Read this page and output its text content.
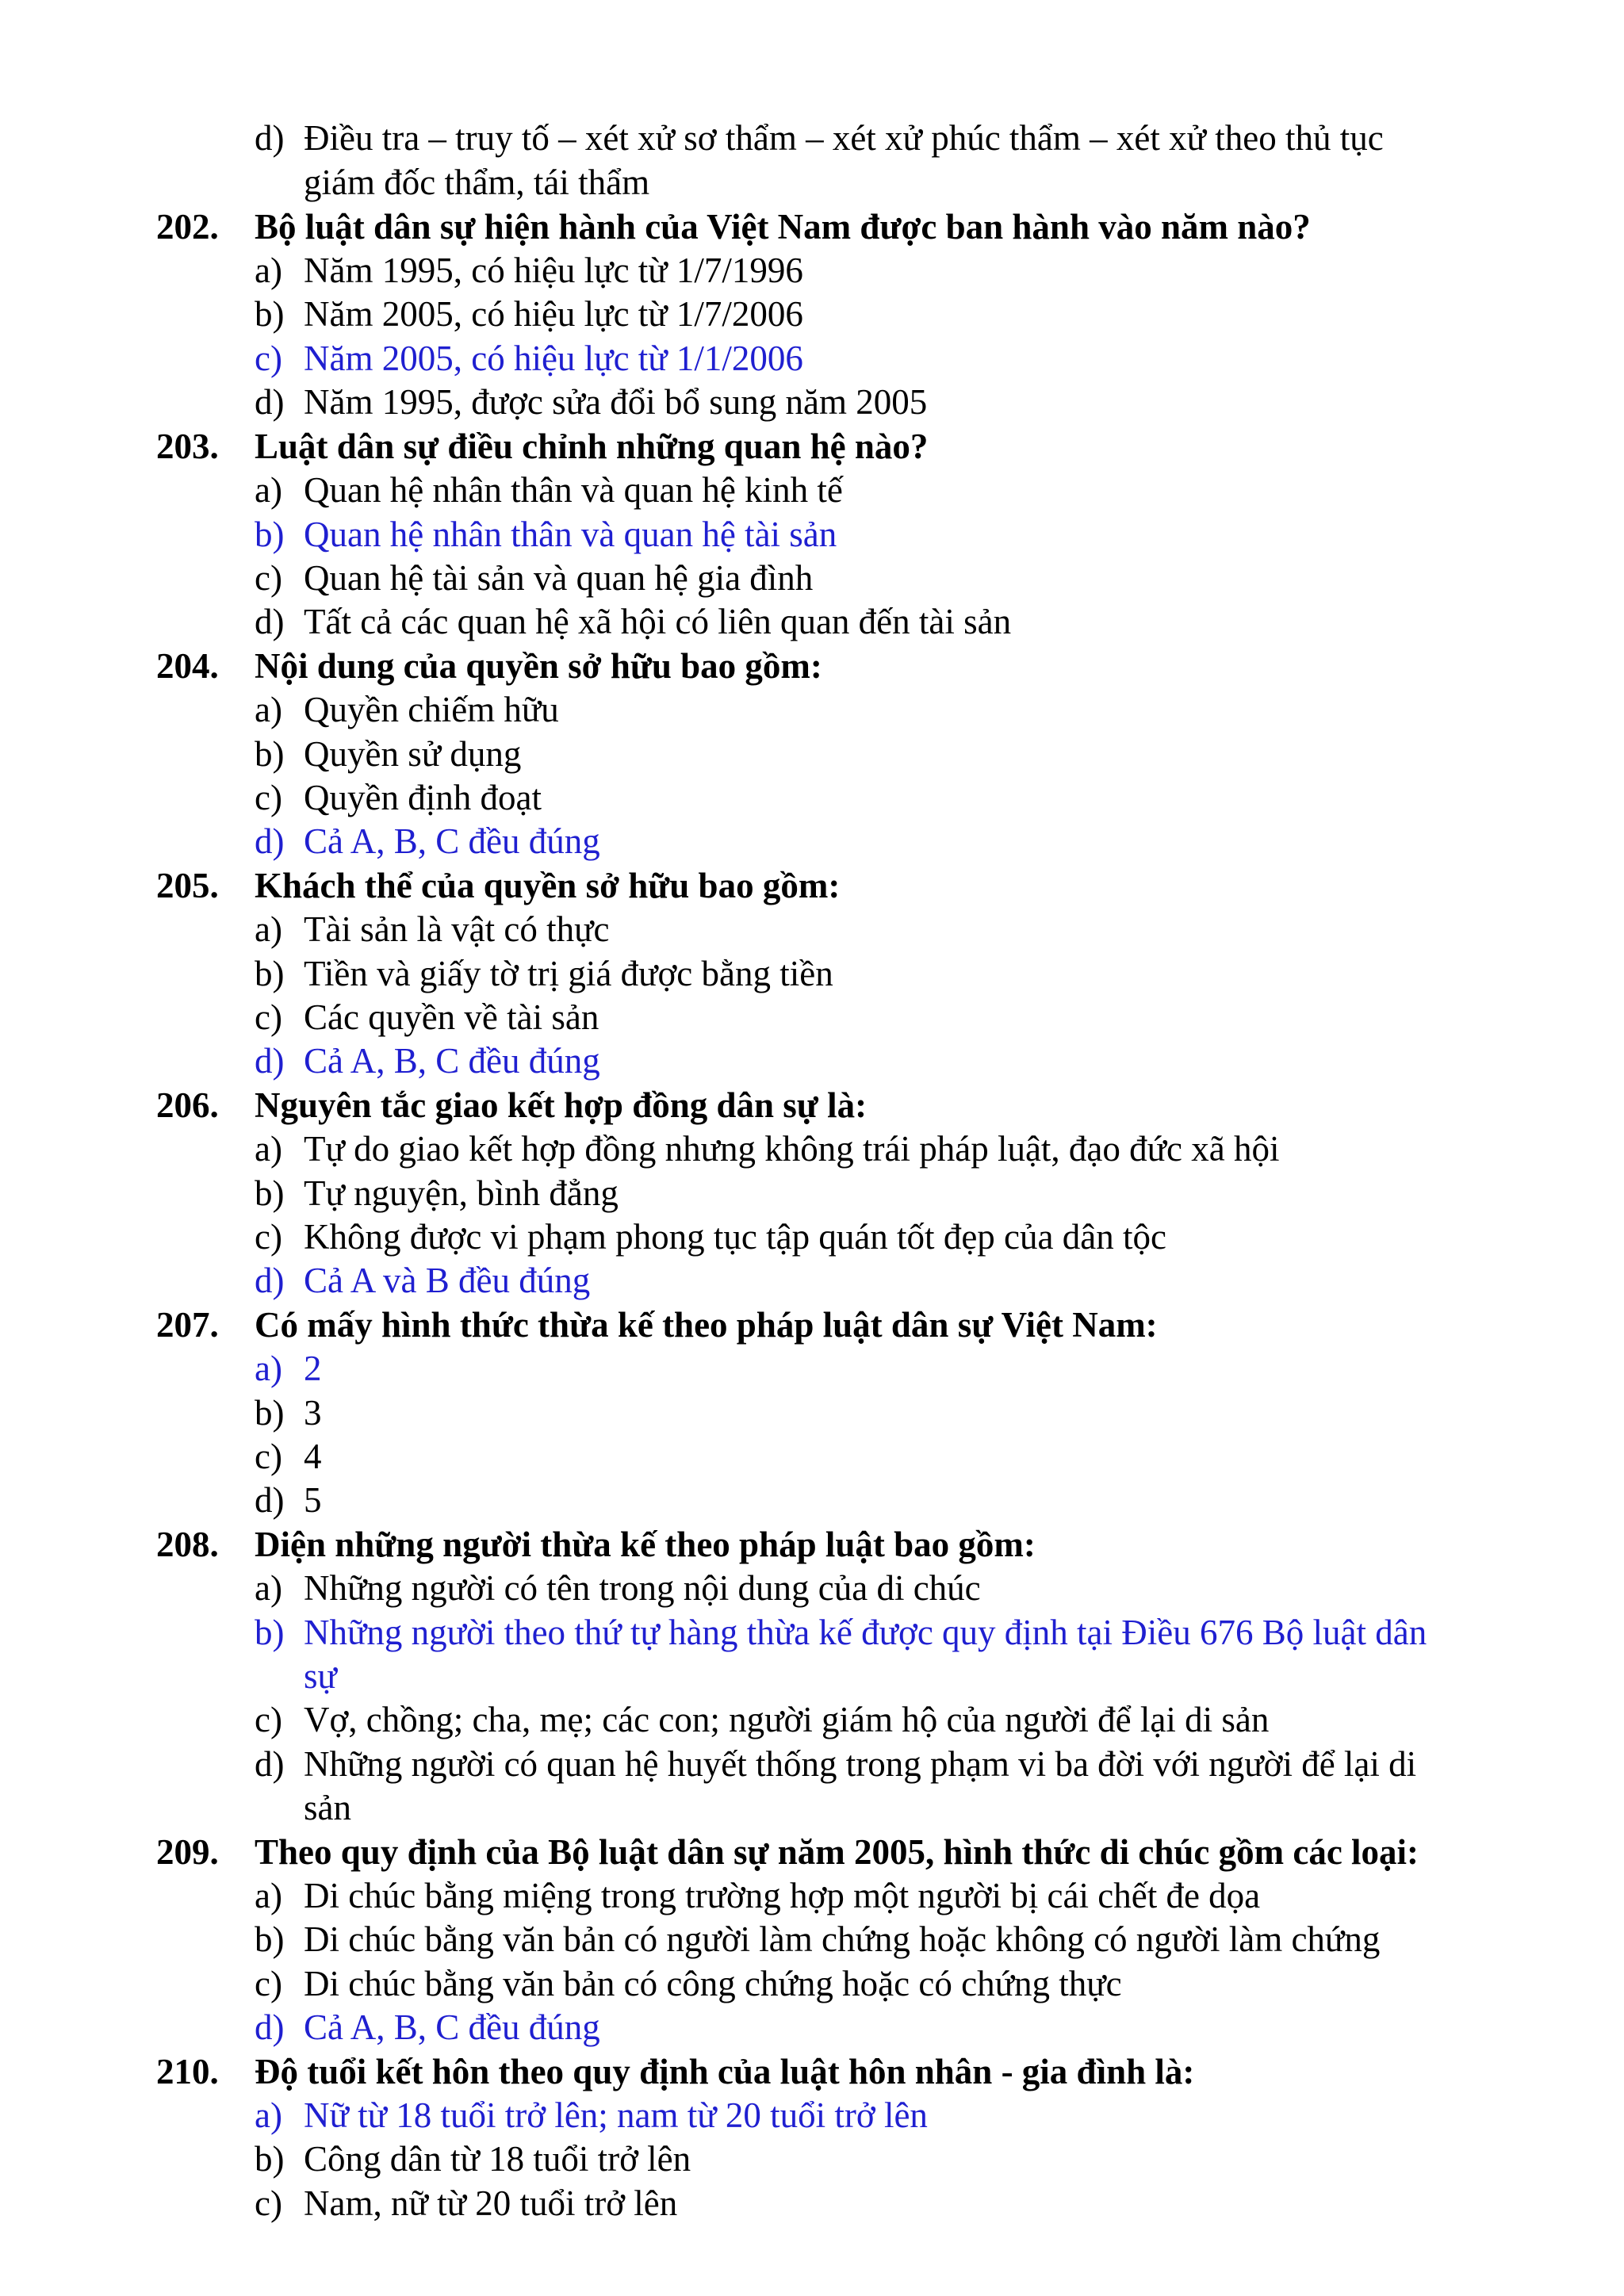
d) Điều tra – truy tố – xét xử sơ thẩm – xét xử phúc thẩm – xét xử theo thủ tục
giám đốc thẩm, tái thẩm
202. Bộ luật dân sự hiện hành của Việt Nam được ban hành vào năm nào?
a) Năm 1995, có hiệu lực từ 1/7/1996
b) Năm 2005, có hiệu lực từ 1/7/2006
c) Năm 2005, có hiệu lực từ 1/1/2006
d) Năm 1995, được sửa đổi bổ sung năm 2005
203. Luật dân sự điều chỉnh những quan hệ nào?
a) Quan hệ nhân thân và quan hệ kinh tế
b) Quan hệ nhân thân và quan hệ tài sản
c) Quan hệ tài sản và quan hệ gia đình
d) Tất cả các quan hệ xã hội có liên quan đến tài sản
204. Nội dung của quyền sở hữu bao gồm:
a) Quyền chiếm hữu
b) Quyền sử dụng
c) Quyền định đoạt
d) Cả A, B, C đều đúng
205. Khách thể của quyền sở hữu bao gồm:
a) Tài sản là vật có thực
b) Tiền và giấy tờ trị giá được bằng tiền
c) Các quyền về tài sản
d) Cả A, B, C đều đúng
206. Nguyên tắc giao kết hợp đồng dân sự là:
a) Tự do giao kết hợp đồng nhưng không trái pháp luật, đạo đức xã hội
b) Tự nguyện, bình đẳng
c) Không được vi phạm phong tục tập quán tốt đẹp của dân tộc
d) Cả A và B đều đúng
207. Có mấy hình thức thừa kế theo pháp luật dân sự Việt Nam:
a) 2
b) 3
c) 4
d) 5
208. Diện những người thừa kế theo pháp luật bao gồm:
a) Những người có tên trong nội dung của di chúc
b) Những người theo thứ tự hàng thừa kế được quy định tại Điều 676 Bộ luật dân
sự
c) Vợ, chồng; cha, mẹ; các con; người giám hộ của người để lại di sản
d) Những người có quan hệ huyết thống trong phạm vi ba đời với người để lại di
sản
209. Theo quy định của Bộ luật dân sự năm 2005, hình thức di chúc gồm các loại:
a) Di chúc bằng miệng trong trường hợp một người bị cái chết đe dọa
b) Di chúc bằng văn bản có người làm chứng hoặc không có người làm chứng
c) Di chúc bằng văn bản có công chứng hoặc có chứng thực
d) Cả A, B, C đều đúng
210. Độ tuổi kết hôn theo quy định của luật hôn nhân - gia đình là:
a) Nữ từ 18 tuổi trở lên; nam từ 20 tuổi trở lên
b) Công dân từ 18 tuổi trở lên
c) Nam, nữ từ 20 tuổi trở lên
